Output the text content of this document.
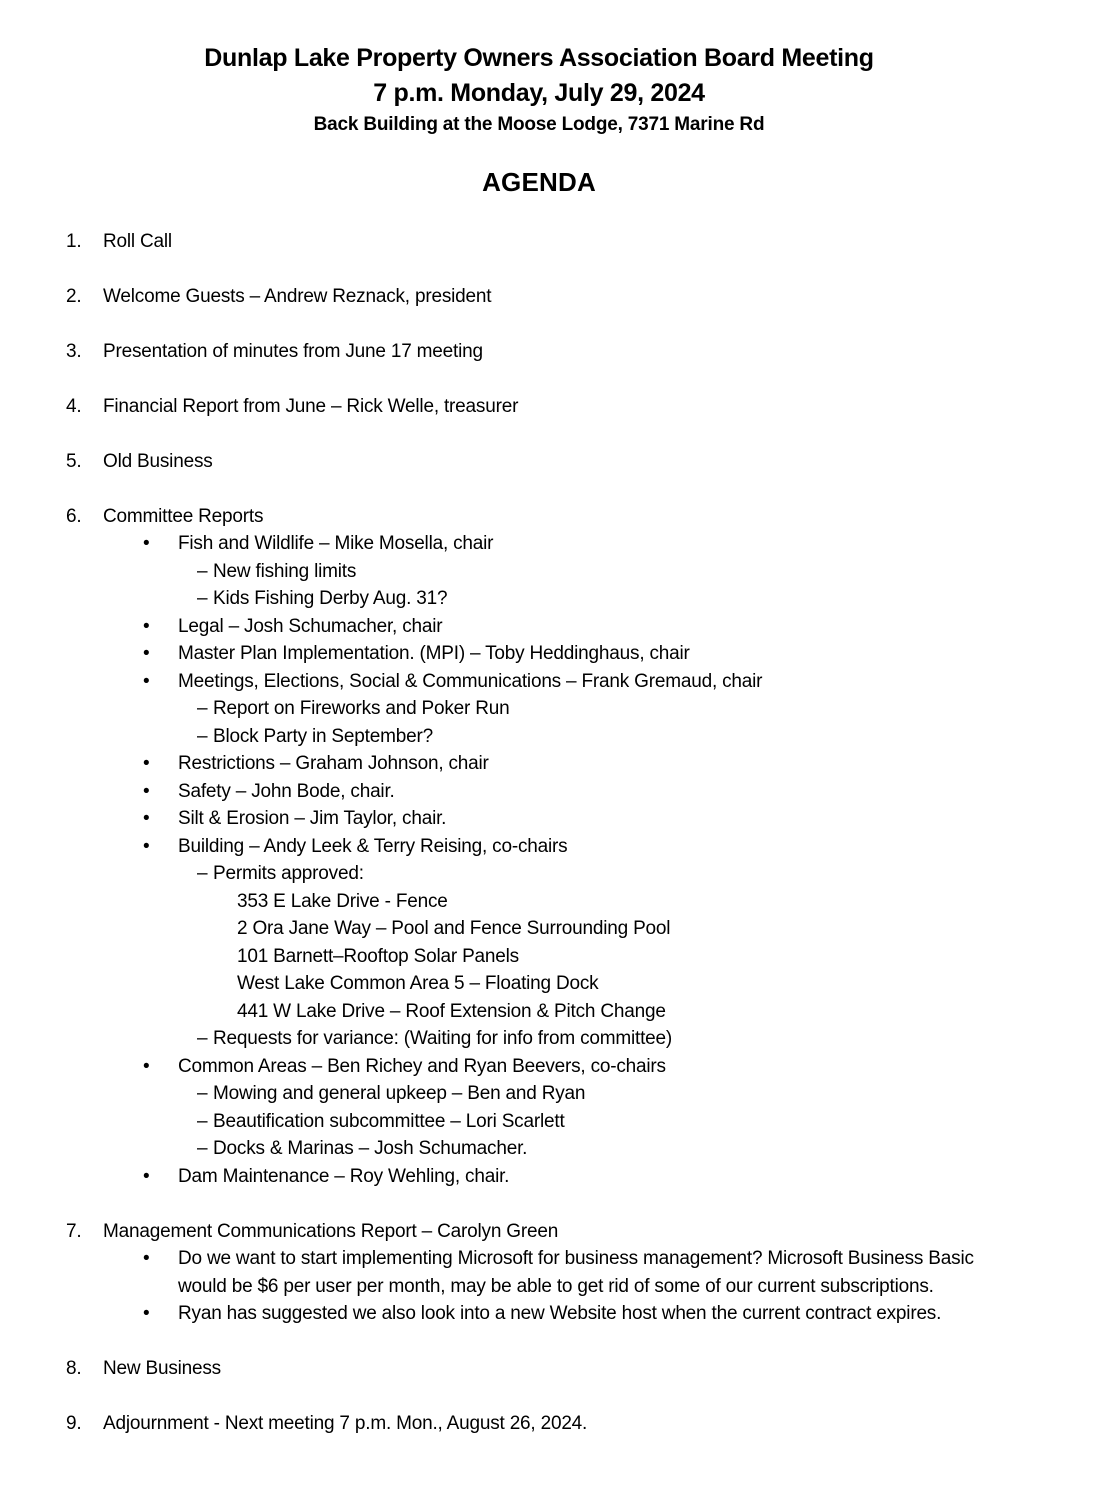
Dunlap Lake Property Owners Association Board Meeting
7 p.m. Monday, July 29, 2024
Back Building at the Moose Lodge, 7371 Marine Rd
AGENDA
1.	Roll Call
2.	Welcome Guests – Andrew Reznack, president
3.	Presentation of minutes from June 17 meeting
4.	Financial Report from June – Rick Welle, treasurer
5.	Old Business
6.	Committee Reports
•	Fish and Wildlife – Mike Mosella, chair
– New fishing limits
– Kids Fishing Derby Aug. 31?
•	Legal – Josh Schumacher, chair
•	Master Plan Implementation. (MPI) – Toby Heddinghaus, chair
•	Meetings, Elections, Social & Communications – Frank Gremaud, chair
– Report on Fireworks and Poker Run
– Block Party in September?
•	Restrictions – Graham Johnson, chair
•	Safety – John Bode, chair.
•	Silt & Erosion – Jim Taylor, chair.
•	Building – Andy Leek & Terry Reising, co-chairs
– Permits approved:
353 E Lake Drive - Fence
2 Ora Jane Way – Pool and Fence Surrounding Pool
101 Barnett–Rooftop Solar Panels
West Lake Common Area 5 – Floating Dock
441 W Lake Drive – Roof Extension & Pitch Change
– Requests for variance: (Waiting for info from committee)
•	Common Areas – Ben Richey and Ryan Beevers, co-chairs
– Mowing and general upkeep – Ben and Ryan
– Beautification subcommittee – Lori Scarlett
– Docks & Marinas – Josh Schumacher.
•	Dam Maintenance – Roy Wehling, chair.
7.	Management Communications Report – Carolyn Green
•	Do we want to start implementing Microsoft for business management? Microsoft Business Basic would be $6 per user per month, may be able to get rid of some of our current subscriptions.
•	Ryan has suggested we also look into a new Website host when the current contract expires.
8.	New Business
9.	Adjournment - Next meeting 7 p.m. Mon., August 26, 2024.
